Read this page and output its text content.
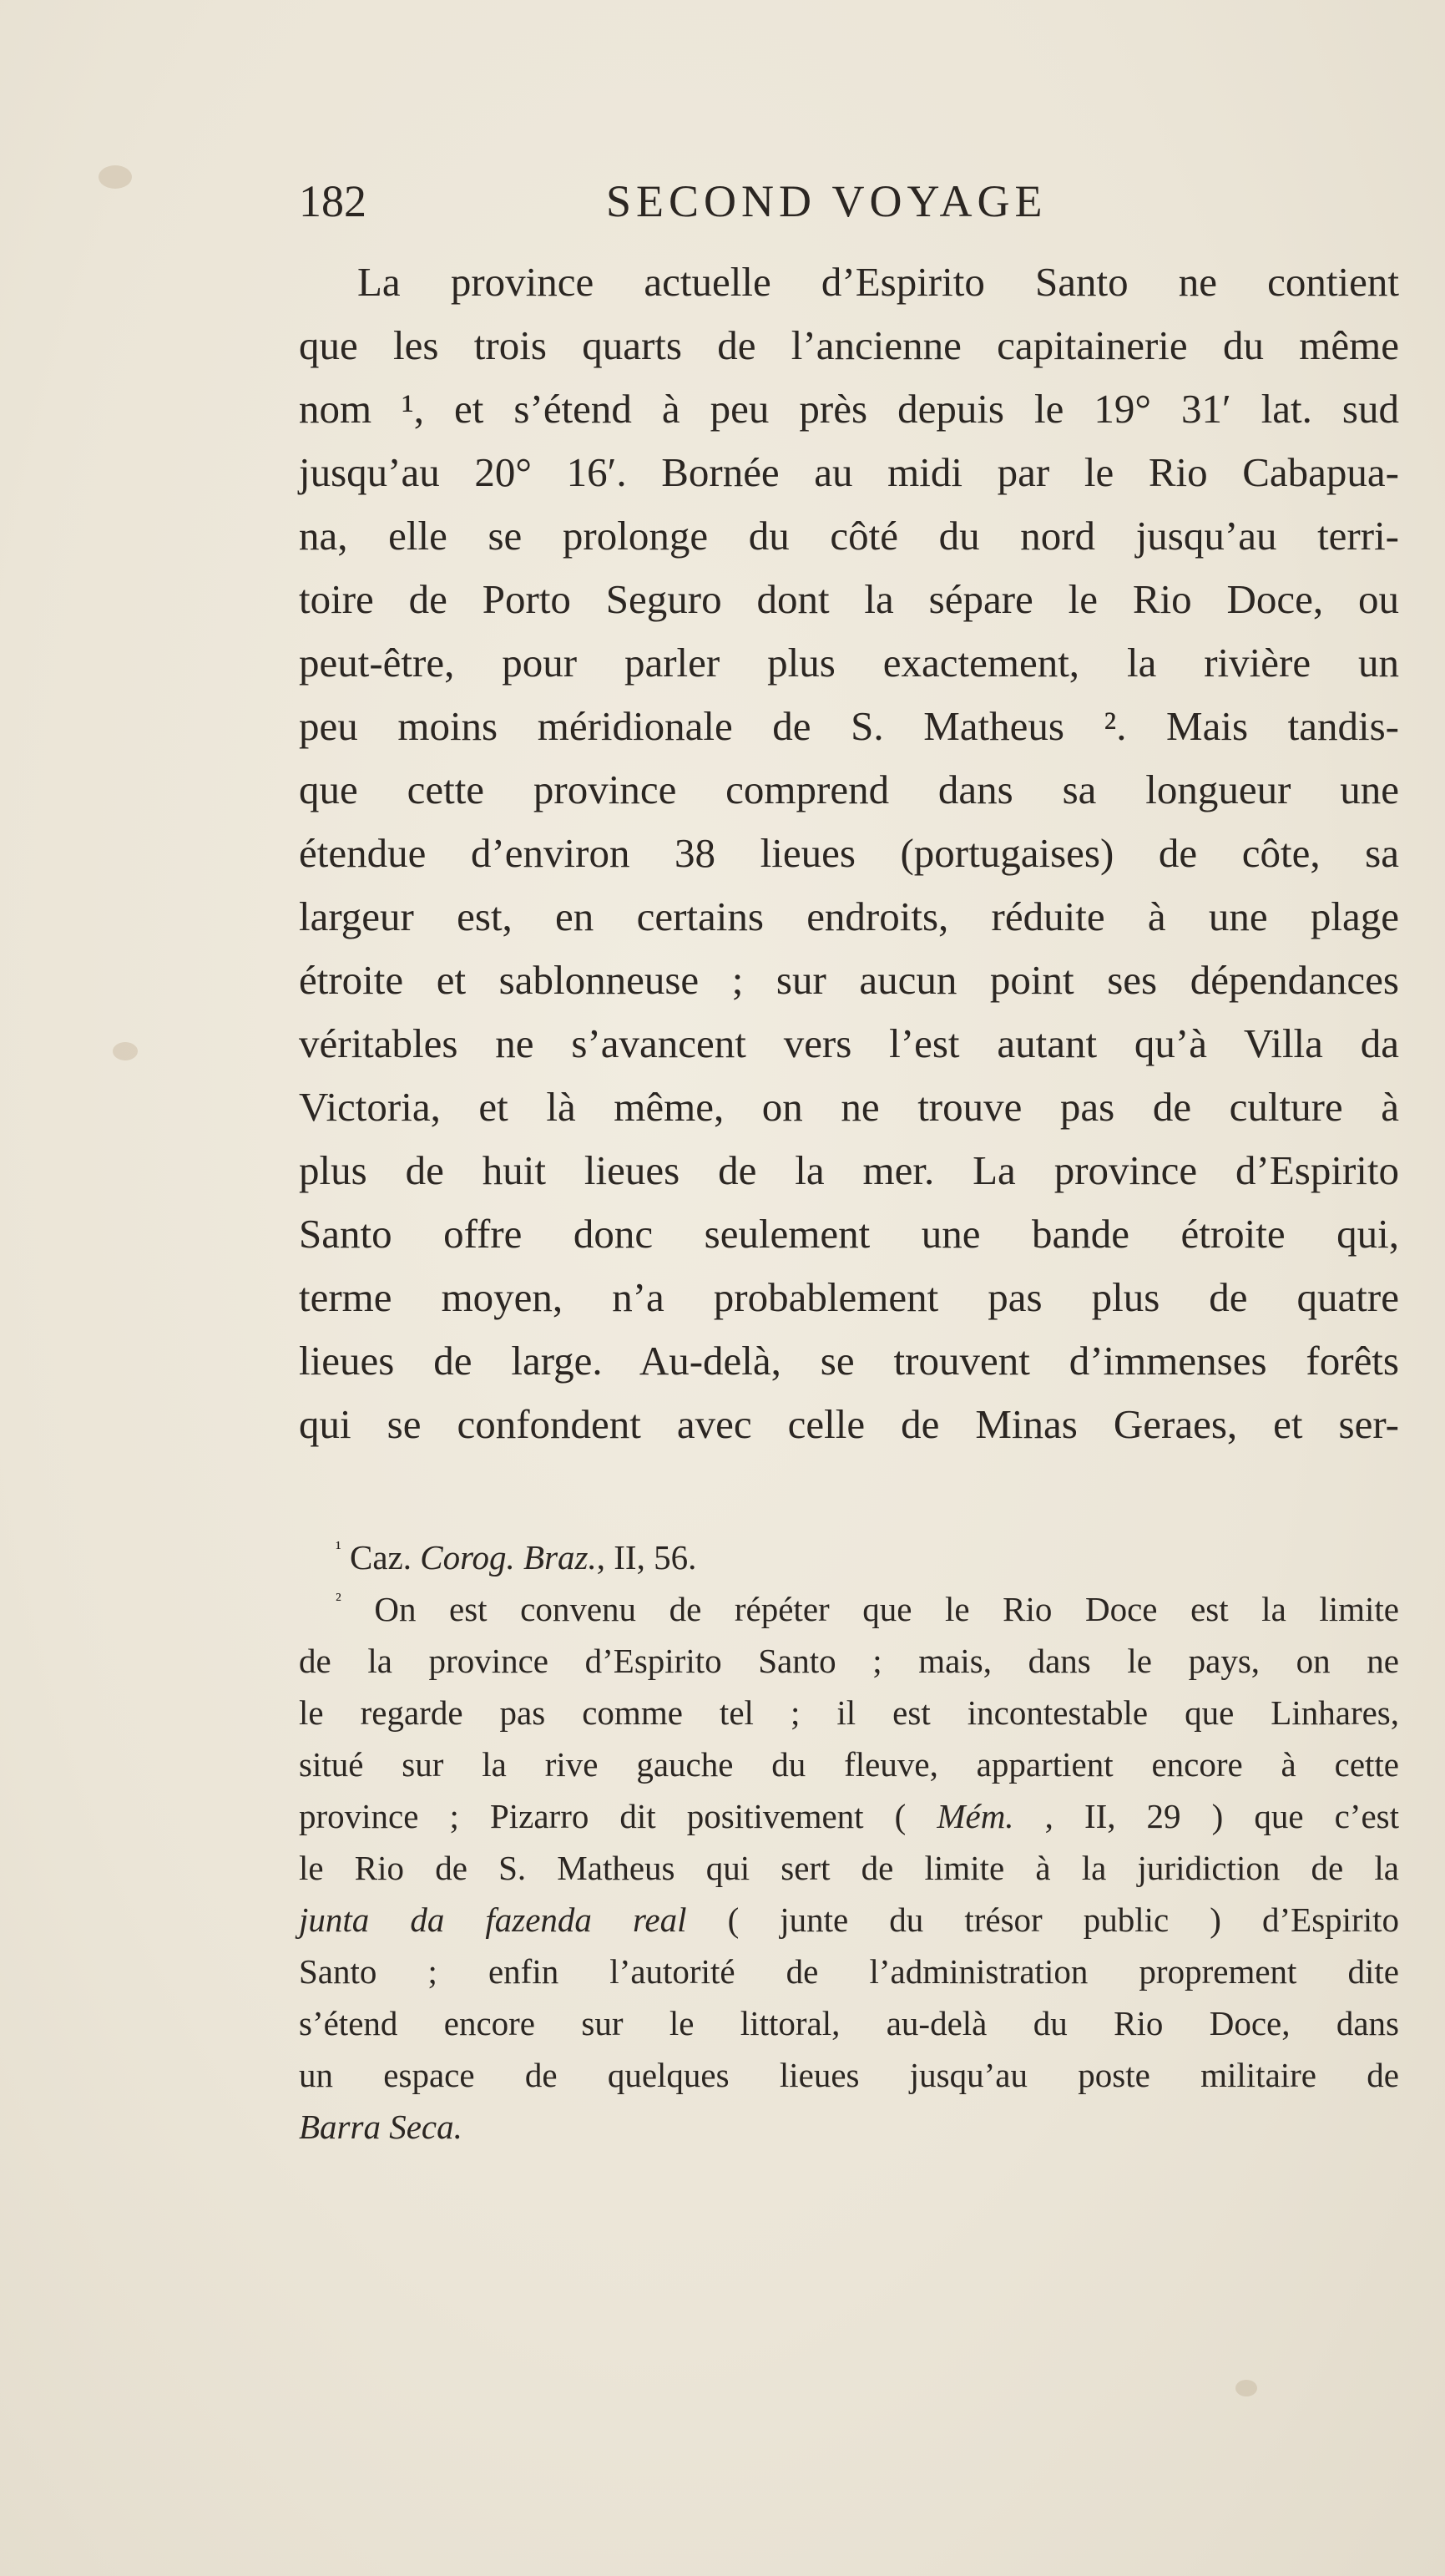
182	SECOND VOYAGE
La province actuelle d’Espirito Santo ne contient
que les trois quarts de l’ancienne capitainerie du même
nom ¹, et s’étend à peu près depuis le 19° 31′ lat. sud
jusqu’au 20° 16′. Bornée au midi par le Rio Cabapua-
na, elle se prolonge du côté du nord jusqu’au terri-
toire de Porto Seguro dont la sépare le Rio Doce, ou
peut-être, pour parler plus exactement, la rivière un
peu moins méridionale de S. Matheus ². Mais tandis-
que cette province comprend dans sa longueur une
étendue d’environ 38 lieues (portugaises) de côte, sa
largeur est, en certains endroits, réduite à une plage
étroite et sablonneuse ; sur aucun point ses dépendances
véritables ne s’avancent vers l’est autant qu’à Villa da
Victoria, et là même, on ne trouve pas de culture à
plus de huit lieues de la mer. La province d’Espirito
Santo offre donc seulement une bande étroite qui,
terme moyen, n’a probablement pas plus de quatre
lieues de large. Au-delà, se trouvent d’immenses forêts
qui se confondent avec celle de Minas Geraes, et ser-
$^{^1}$ Caz. Corog. Braz., II, 56.
$^{^2}$ On est convenu de répéter que le Rio Doce est la limite
de la province d’Espirito Santo ; mais, dans le pays, on ne
le regarde pas comme tel ; il est incontestable que Linhares,
situé sur la rive gauche du fleuve, appartient encore à cette
province ; Pizarro dit positivement ( Mém. , II, 29 ) que c’est
le Rio de S. Matheus qui sert de limite à la juridiction de la
junta da fazenda real ( junte du trésor public ) d’Espirito
Santo ; enfin l’autorité de l’administration proprement dite
s’étend encore sur le littoral, au-delà du Rio Doce, dans
un espace de quelques lieues jusqu’au poste militaire de
Barra Seca.
